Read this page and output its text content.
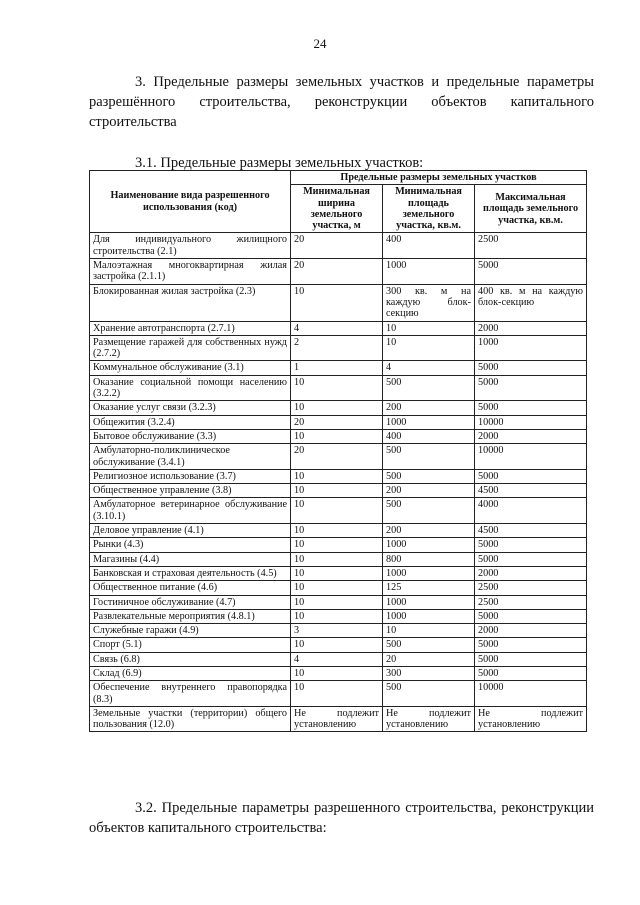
24
3. Предельные размеры земельных участков и предельные параметры разрешённого строительства, реконструкции объектов капитального строительства
3.1. Предельные размеры земельных участков:
Наименование вида разрешенного использования (код)	Предельные размеры земельных участков		
	Минимальная ширина земельного участка, м	Минимальная площадь земельного участка, кв.м.	Максимальная площадь земельного участка, кв.м.
Для индивидуального жилищного строительства (2.1)	20	400	2500
Малоэтажная многоквартирная жилая застройка (2.1.1)	20	1000	5000
Блокированная жилая застройка (2.3)	10	300 кв. м на каждую блок-секцию	400 кв. м на каждую блок-секцию
Хранение автотранспорта (2.7.1)	4	10	2000
Размещение гаражей для собственных нужд (2.7.2)	2	10	1000
Коммунальное обслуживание (3.1)	1	4	5000
Оказание социальной помощи населению (3.2.2)	10	500	5000
Оказание услуг связи (3.2.3)	10	200	5000
Общежития (3.2.4)	20	1000	10000
Бытовое обслуживание (3.3)	10	400	2000
Амбулаторно-поликлиническое обслуживание (3.4.1)	20	500	10000
Религиозное использование (3.7)	10	500	5000
Общественное управление (3.8)	10	200	4500
Амбулаторное ветеринарное обслуживание (3.10.1)	10	500	4000
Деловое управление (4.1)	10	200	4500
Рынки (4.3)	10	1000	5000
Магазины (4.4)	10	800	5000
Банковская и страховая деятельность (4.5)	10	1000	2000
Общественное питание (4.6)	10	125	2500
Гостиничное обслуживание (4.7)	10	1000	2500
Развлекательные мероприятия (4.8.1)	10	1000	5000
Служебные гаражи (4.9)	3	10	2000
Спорт (5.1)	10	500	5000
Связь (6.8)	4	20	5000
Склад (6.9)	10	300	5000
Обеспечение внутреннего правопорядка (8.3)	10	500	10000
Земельные участки (территории) общего пользования (12.0)	Не подлежит установлению	Не подлежит установлению	Не подлежит установлению
3.2. Предельные параметры разрешенного строительства, реконструкции объектов капитального строительства:
